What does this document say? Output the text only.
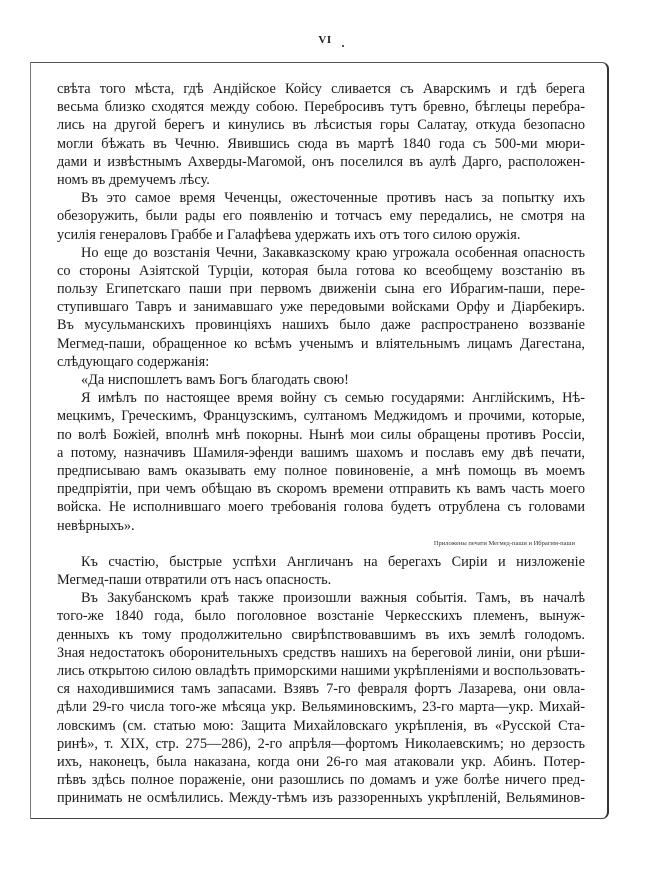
VI
свѣта того мѣста, гдѣ Андійское Койсу сливается съ Аварскимъ и гдѣ берега
весьма близко сходятся между собою. Перебросивъ тутъ бревно, бѣглецы перебра-
лись на другой берегъ и кинулись въ лѣсистыя горы Салатау, откуда безопасно
могли бѣжать въ Чечню. Явившись сюда въ мартѣ 1840 года съ 500-ми мюри-
дами и извѣстнымъ Ахверды-Магомой, онъ поселился въ аулѣ Дарго, расположен-
номъ въ дремучемъ лѣсу.
Въ это самое время Чеченцы, ожесточенные противъ насъ за попытку ихъ
обезоружить, были рады его появленію и тотчасъ ему передались, не смотря на
усилія генераловъ Граббе и Галафѣева удержать ихъ отъ того силою оружія.
Но еще до возстанія Чечни, Закавказскому краю угрожала особенная опасность
со стороны Азіятской Турціи, которая была готова ко всеобщему возстанію въ
пользу Египетскаго паши при первомъ движеніи сына его Ибрагим-паши, пере-
ступившаго Тавръ и занимавшаго уже передовыми войсками Орфу и Діарбекиръ.
Въ мусульманскихъ провинціяхъ нашихъ было даже распространено воззваніе
Мегмед-паши, обращенное ко всѣмъ ученымъ и вліятельнымъ лицамъ Дагестана,
слѣдующаго содержанія:
«Да ниспошлетъ вамъ Богъ благодать свою!
Я имѣлъ по настоящее время войну съ семью государями: Англійскимъ, Нѣ-
мецкимъ, Греческимъ, Французскимъ, султаномъ Меджидомъ и прочими, которые,
по волѣ Божіей, вполнѣ мнѣ покорны. Нынѣ мои силы обращены противъ Россіи,
а потому, назначивъ Шамиля-эфенди вашимъ шахомъ и пославъ ему двѣ печати,
предписываю вамъ оказывать ему полное повиновеніе, а мнѣ помощь въ моемъ
предпріятіи, при чемъ обѣщаю въ скоромъ времени отправить къ вамъ часть моего
войска. Не исполнившаго моего требованія голова будетъ отрублена съ головами
невѣрныхъ».
Приложены печати Мегмед-паши и Ибрагим-паши
Къ счастію, быстрые успѣхи Англичанъ на берегахъ Сиріи и низложеніе
Мегмед-паши отвратили отъ насъ опасность.
Въ Закубанскомъ краѣ также произошли важныя событія. Тамъ, въ началѣ
того-же 1840 года, было поголовное возстаніе Черкесскихъ племенъ, вынуж-
денныхъ къ тому продолжительно свирѣпствовавшимъ въ ихъ землѣ голодомъ.
Зная недостатокъ оборонительныхъ средствъ нашихъ на береговой линіи, они рѣши-
лись открытою силою овладѣть приморскими нашими укрѣпленіями и воспользовать-
ся находившимися тамъ запасами. Взявъ 7-го февраля фортъ Лазарева, они овла-
дѣли 29-го числа того-же мѣсяца укр. Вельяминовскимъ, 23-го марта—укр. Михай-
ловскимъ (см. статью мою: Защита Михайловскаго укрѣпленія, въ «Русской Ста-
ринѣ», т. XIX, стр. 275—286), 2-го апрѣля—фортомъ Николаевскимъ; но дерзость
ихъ, наконецъ, была наказана, когда они 26-го мая атаковали укр. Абинъ. Потер-
пѣвъ здѣсь полное пораженіе, они разошлись по домамъ и уже болѣе ничего пред-
принимать не осмѣлились. Между-тѣмъ изъ раззоренныхъ укрѣпленій, Вельяминов-
